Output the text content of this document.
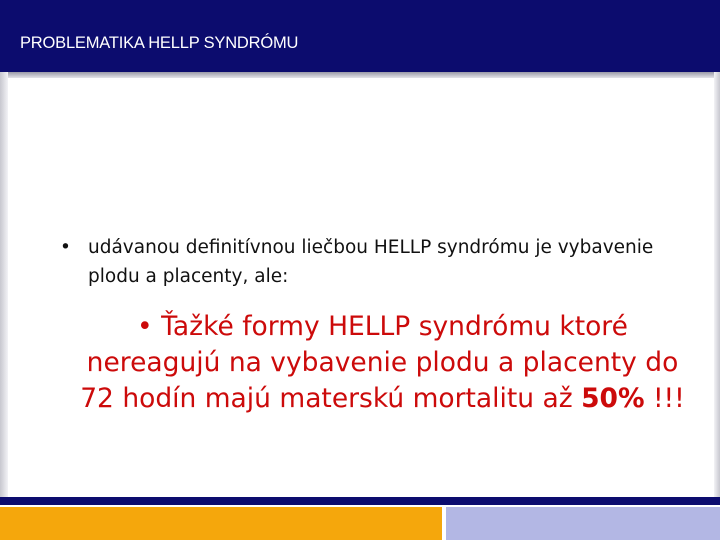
PROBLEMATIKA HELLP SYNDRÓMU
• udávanou definitívnou liečbou HELLP syndrómu je vybavenie plodu a placenty, ale:
• Ťažké formy HELLP syndrómu ktoré nereagujú na vybavenie plodu a placenty do 72 hodín majú materskú mortalitu až 50% !!!
